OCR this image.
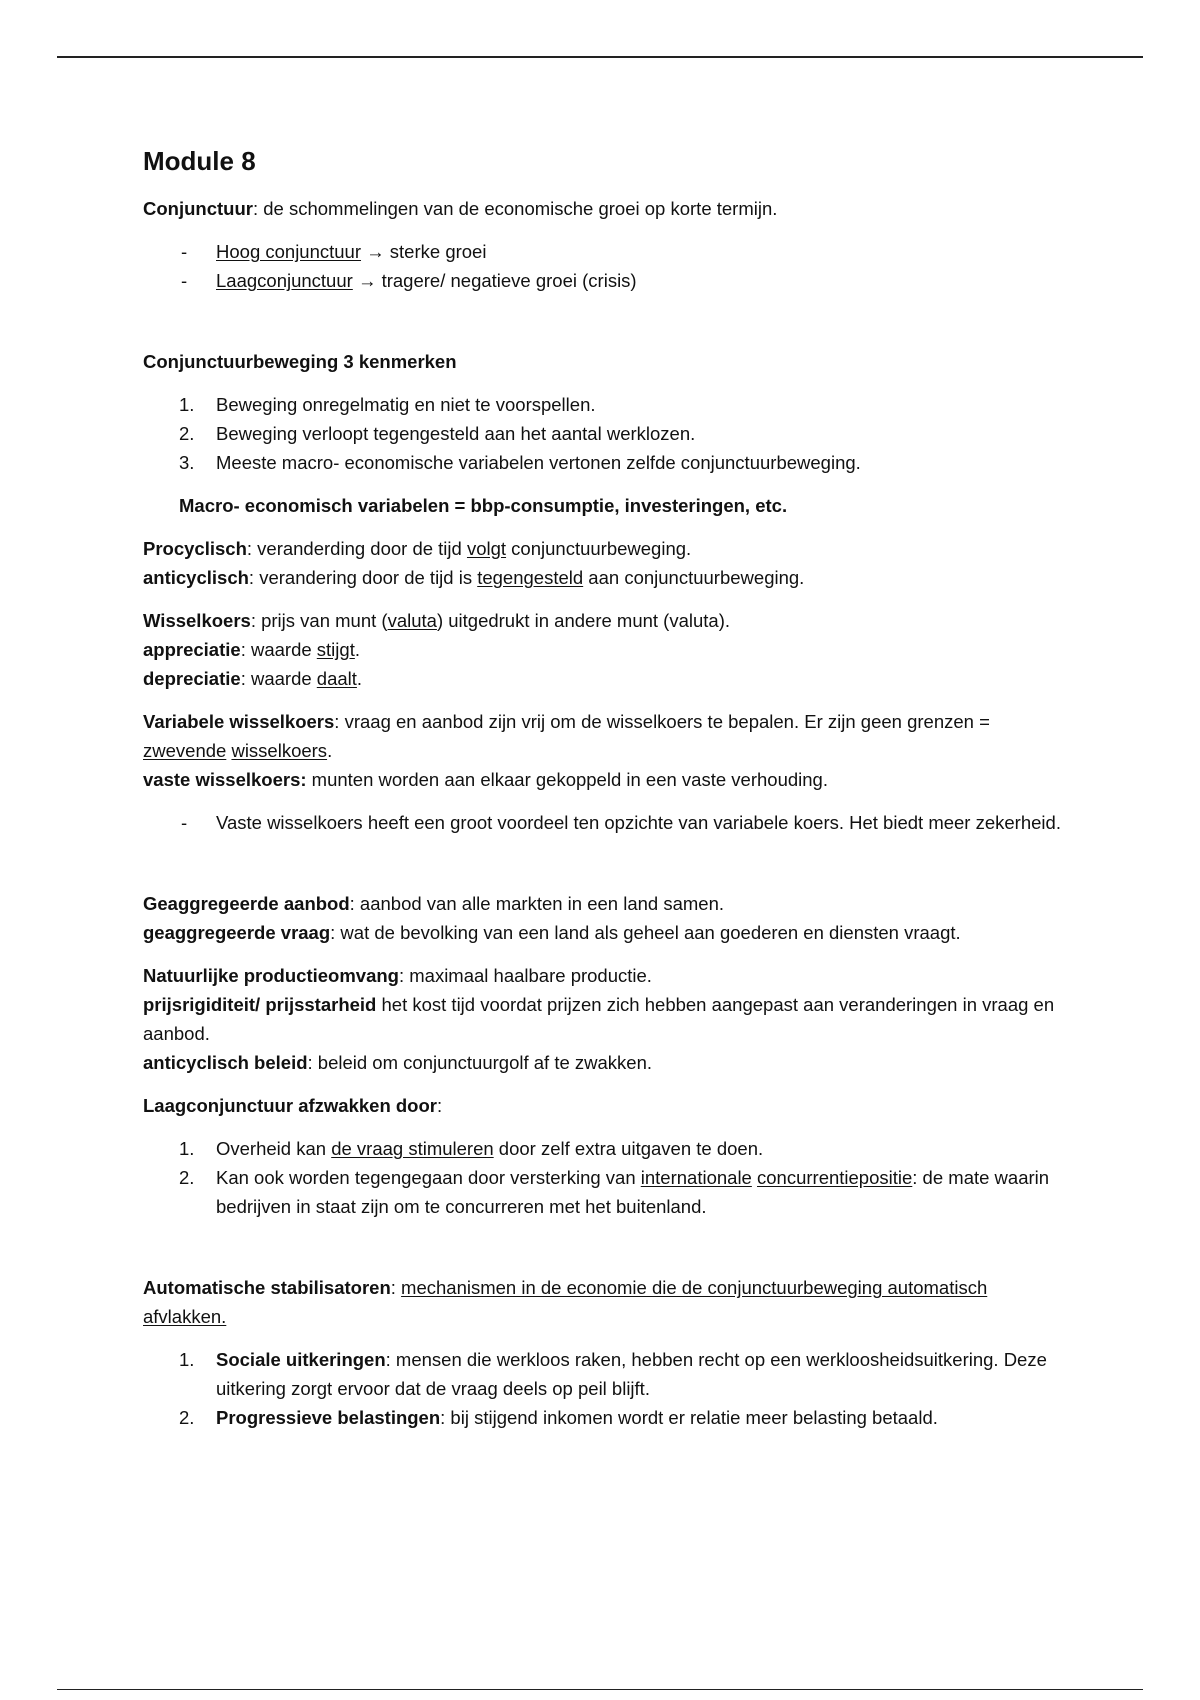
Module 8

Conjunctuur: de schommelingen van de economische groei op korte termijn.

- Hoog conjunctuur → sterke groei
- Laagconjunctuur → tragere/ negatieve groei (crisis)

Conjunctuurbeweging 3 kenmerken

1. Beweging onregelmatig en niet te voorspellen.
2. Beweging verloopt tegengesteld aan het aantal werklozen.
3. Meeste macro- economische variabelen vertonen zelfde conjunctuurbeweging.

Macro- economisch variabelen = bbp-consumptie, investeringen, etc.

Procyclisch: veranderding door de tijd volgt conjunctuurbeweging.

anticyclisch: verandering door de tijd is tegengesteld aan conjunctuurbeweging.

Wisselkoers: prijs van munt (valuta) uitgedrukt in andere munt (valuta).

appreciatie: waarde stijgt.

depreciatie: waarde daalt.

Variabele wisselkoers: vraag en aanbod zijn vrij om de wisselkoers te bepalen. Er zijn geen grenzen = zwevende wisselkoers.

vaste wisselkoers: munten worden aan elkaar gekoppeld in een vaste verhouding.

- Vaste wisselkoers heeft een groot voordeel ten opzichte van variabele koers. Het biedt meer zekerheid.

Geaggregeerde aanbod: aanbod van alle markten in een land samen.

geaggregeerde vraag: wat de bevolking van een land als geheel aan goederen en diensten vraagt.

Natuurlijke productieomvang: maximaal haalbare productie.

prijsrigiditeit/ prijsstarheid het kost tijd voordat prijzen zich hebben aangepast aan veranderingen in vraag en aanbod.

anticyclisch beleid: beleid om conjunctuurgolf af te zwakken.

Laagconjunctuur afzwakken door:

1. Overheid kan de vraag stimuleren door zelf extra uitgaven te doen.
2. Kan ook worden tegengegaan door versterking van internationale concurrentiepositie: de mate waarin bedrijven in staat zijn om te concurreren met het buitenland.

Automatische stabilisatoren: mechanismen in de economie die de conjunctuurbeweging automatisch afvlakken.

1. Sociale uitkeringen: mensen die werkloos raken, hebben recht op een werkloosheidsuitkering. Deze uitkering zorgt ervoor dat de vraag deels op peil blijft.
2. Progressieve belastingen: bij stijgend inkomen wordt er relatie meer belasting betaald.
